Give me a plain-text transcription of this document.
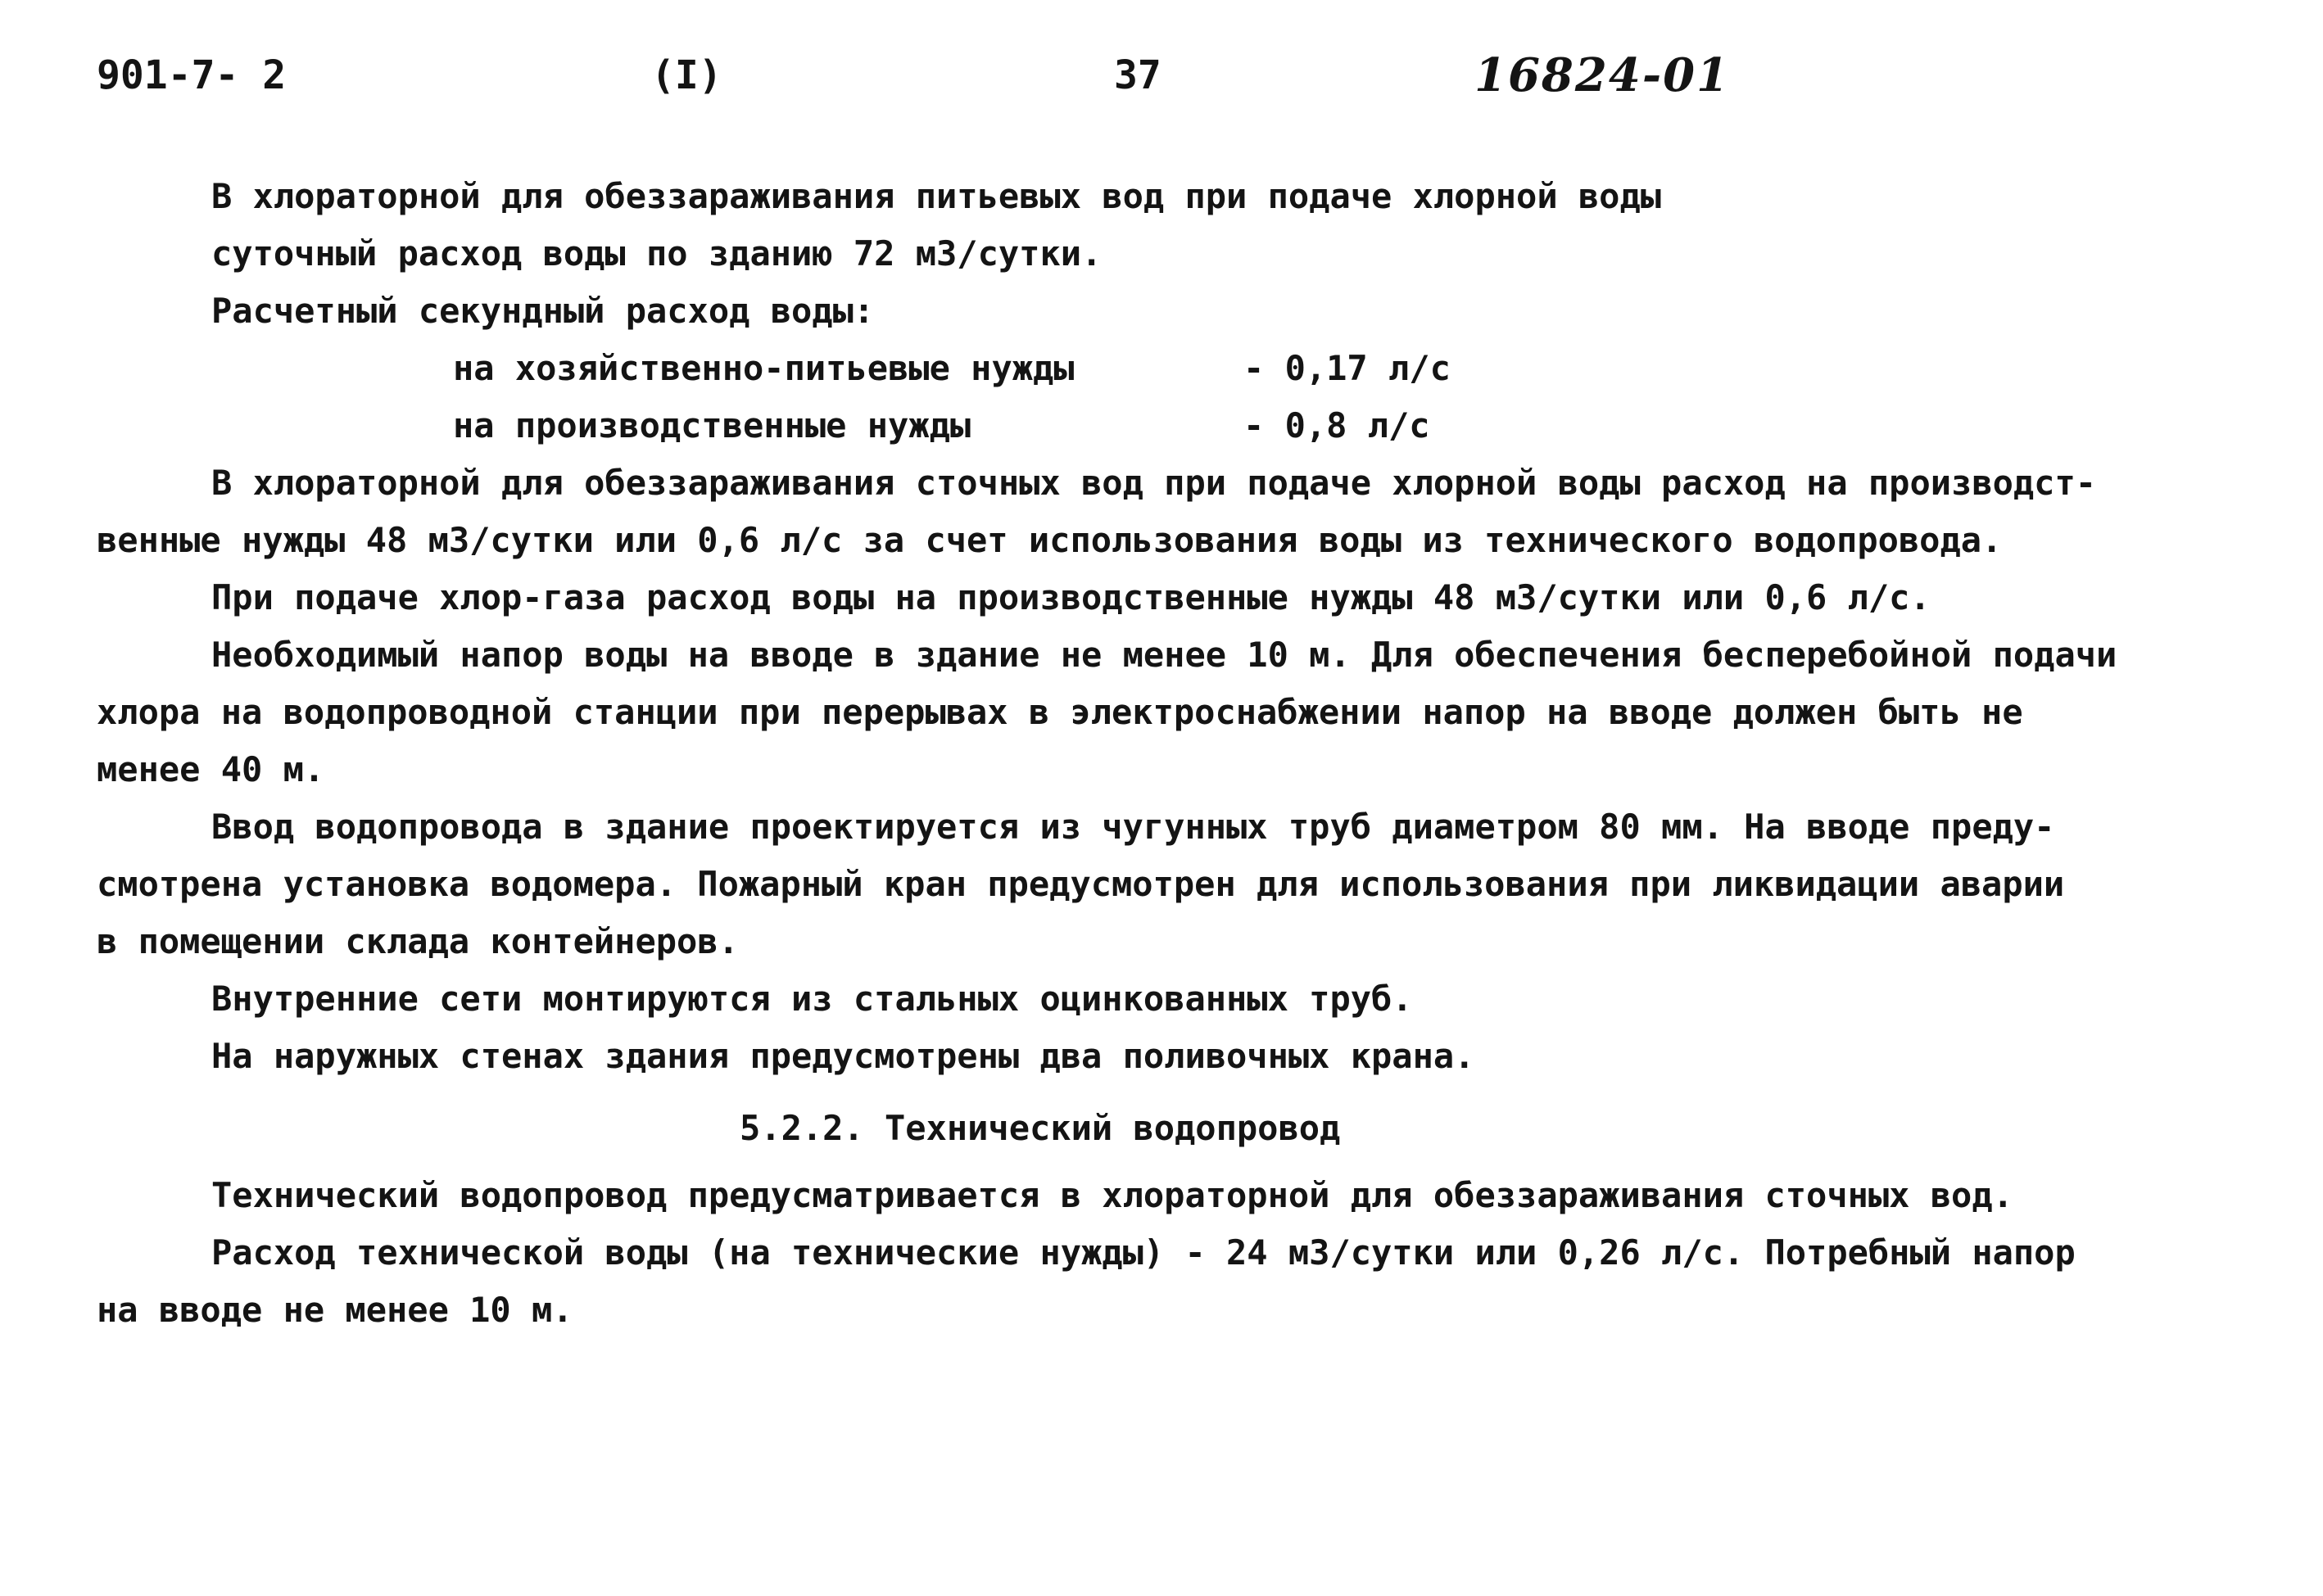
901-7- 2	(I)	37	16824-01
В хлораторной для обеззараживания питьевых вод при подаче хлорной воды
суточный расход воды по зданию 72 м3/сутки.
Расчетный секундный расход воды:
на хозяйственно-питьевые нужды	- 0,17 л/с
на производственные нужды	- 0,8 л/с
В хлораторной для обеззараживания сточных вод при подаче хлорной воды расход на производст-
венные нужды 48 м3/сутки или 0,6 л/с за счет использования воды из технического водопровода.
При подаче хлор-газа расход воды на производственные нужды 48 м3/сутки или 0,6 л/с.
Необходимый напор воды на вводе в здание не менее 10 м. Для обеспечения бесперебойной подачи
хлора на водопроводной станции при перерывах в электроснабжении напор на вводе должен быть не
менее 40 м.
Ввод водопровода в здание проектируется из чугунных труб диаметром 80 мм. На вводе преду-
смотрена установка водомера. Пожарный кран предусмотрен для использования при ликвидации аварии
в помещении склада контейнеров.
Внутренние сети монтируются из стальных оцинкованных труб.
На наружных стенах здания предусмотрены два поливочных крана.
5.2.2. Технический водопровод
Технический водопровод предусматривается в хлораторной для обеззараживания сточных вод.
Расход технической воды (на технические нужды) - 24 м3/сутки или 0,26 л/с. Потребный напор
на вводе не менее 10 м.
